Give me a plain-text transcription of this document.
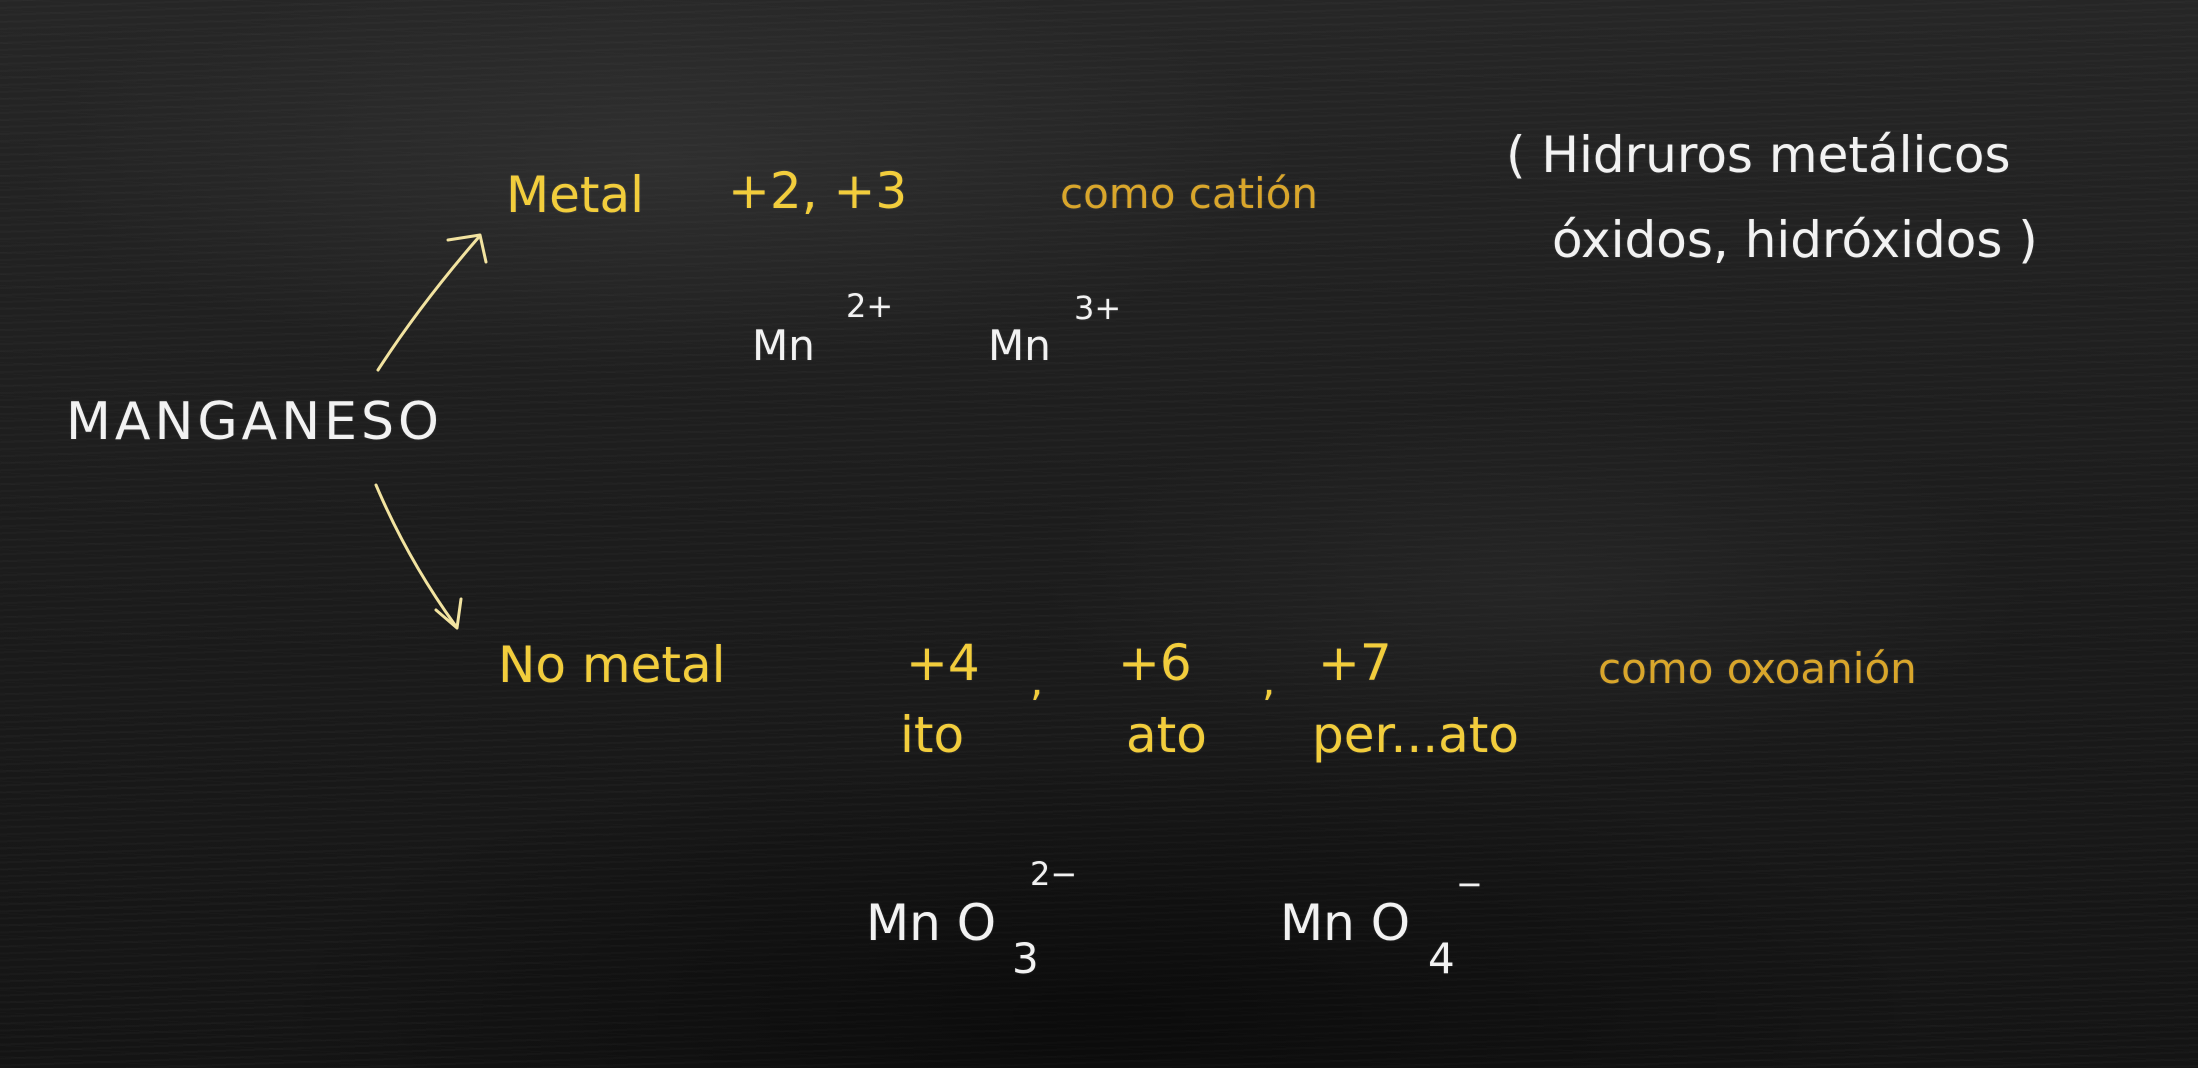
MANGANESO
Metal +2, +3	como catión
( Hidruros metálicos
óxidos, hidróxidos )
Mn
2+
Mn
3+
No metal	+4 , +6 , +7
ito	ato per...ato
como oxoanión
Mn O
3
2−
Mn O
4
−
